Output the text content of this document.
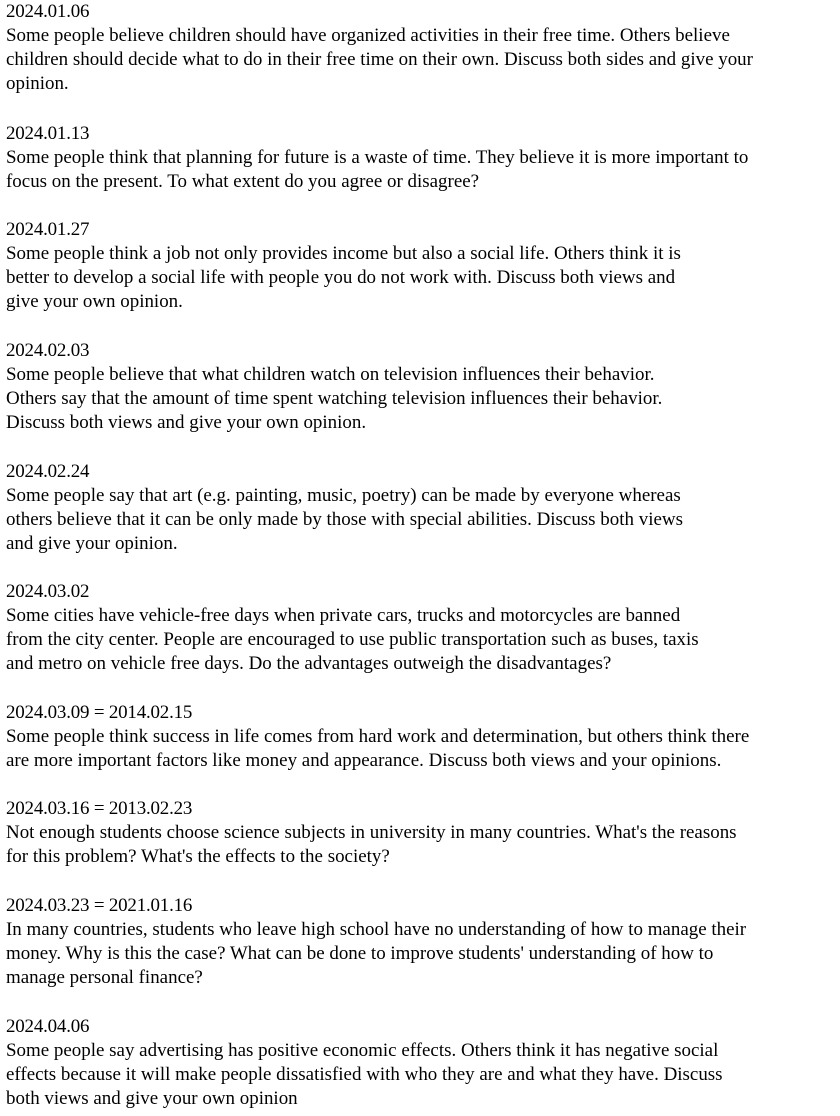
2024.01.06
Some people believe children should have organized activities in their free time. Others believe
children should decide what to do in their free time on their own. Discuss both sides and give your
opinion.
2024.01.13
Some people think that planning for future is a waste of time. They believe it is more important to
focus on the present. To what extent do you agree or disagree?
2024.01.27
Some people think a job not only provides income but also a social life. Others think it is
better to develop a social life with people you do not work with. Discuss both views and
give your own opinion.
2024.02.03
Some people believe that what children watch on television influences their behavior.
Others say that the amount of time spent watching television influences their behavior.
Discuss both views and give your own opinion.
2024.02.24
Some people say that art (e.g. painting, music, poetry) can be made by everyone whereas
others believe that it can be only made by those with special abilities. Discuss both views
and give your opinion.
2024.03.02
Some cities have vehicle-free days when private cars, trucks and motorcycles are banned
from the city center. People are encouraged to use public transportation such as buses, taxis
and metro on vehicle free days. Do the advantages outweigh the disadvantages?
2024.03.09 = 2014.02.15
Some people think success in life comes from hard work and determination, but others think there
are more important factors like money and appearance. Discuss both views and your opinions.
2024.03.16 = 2013.02.23
Not enough students choose science subjects in university in many countries. What's the reasons
for this problem? What's the effects to the society?
2024.03.23 = 2021.01.16
In many countries, students who leave high school have no understanding of how to manage their
money. Why is this the case? What can be done to improve students' understanding of how to
manage personal finance?
2024.04.06
Some people say advertising has positive economic effects. Others think it has negative social
effects because it will make people dissatisfied with who they are and what they have. Discuss
both views and give your own opinion
